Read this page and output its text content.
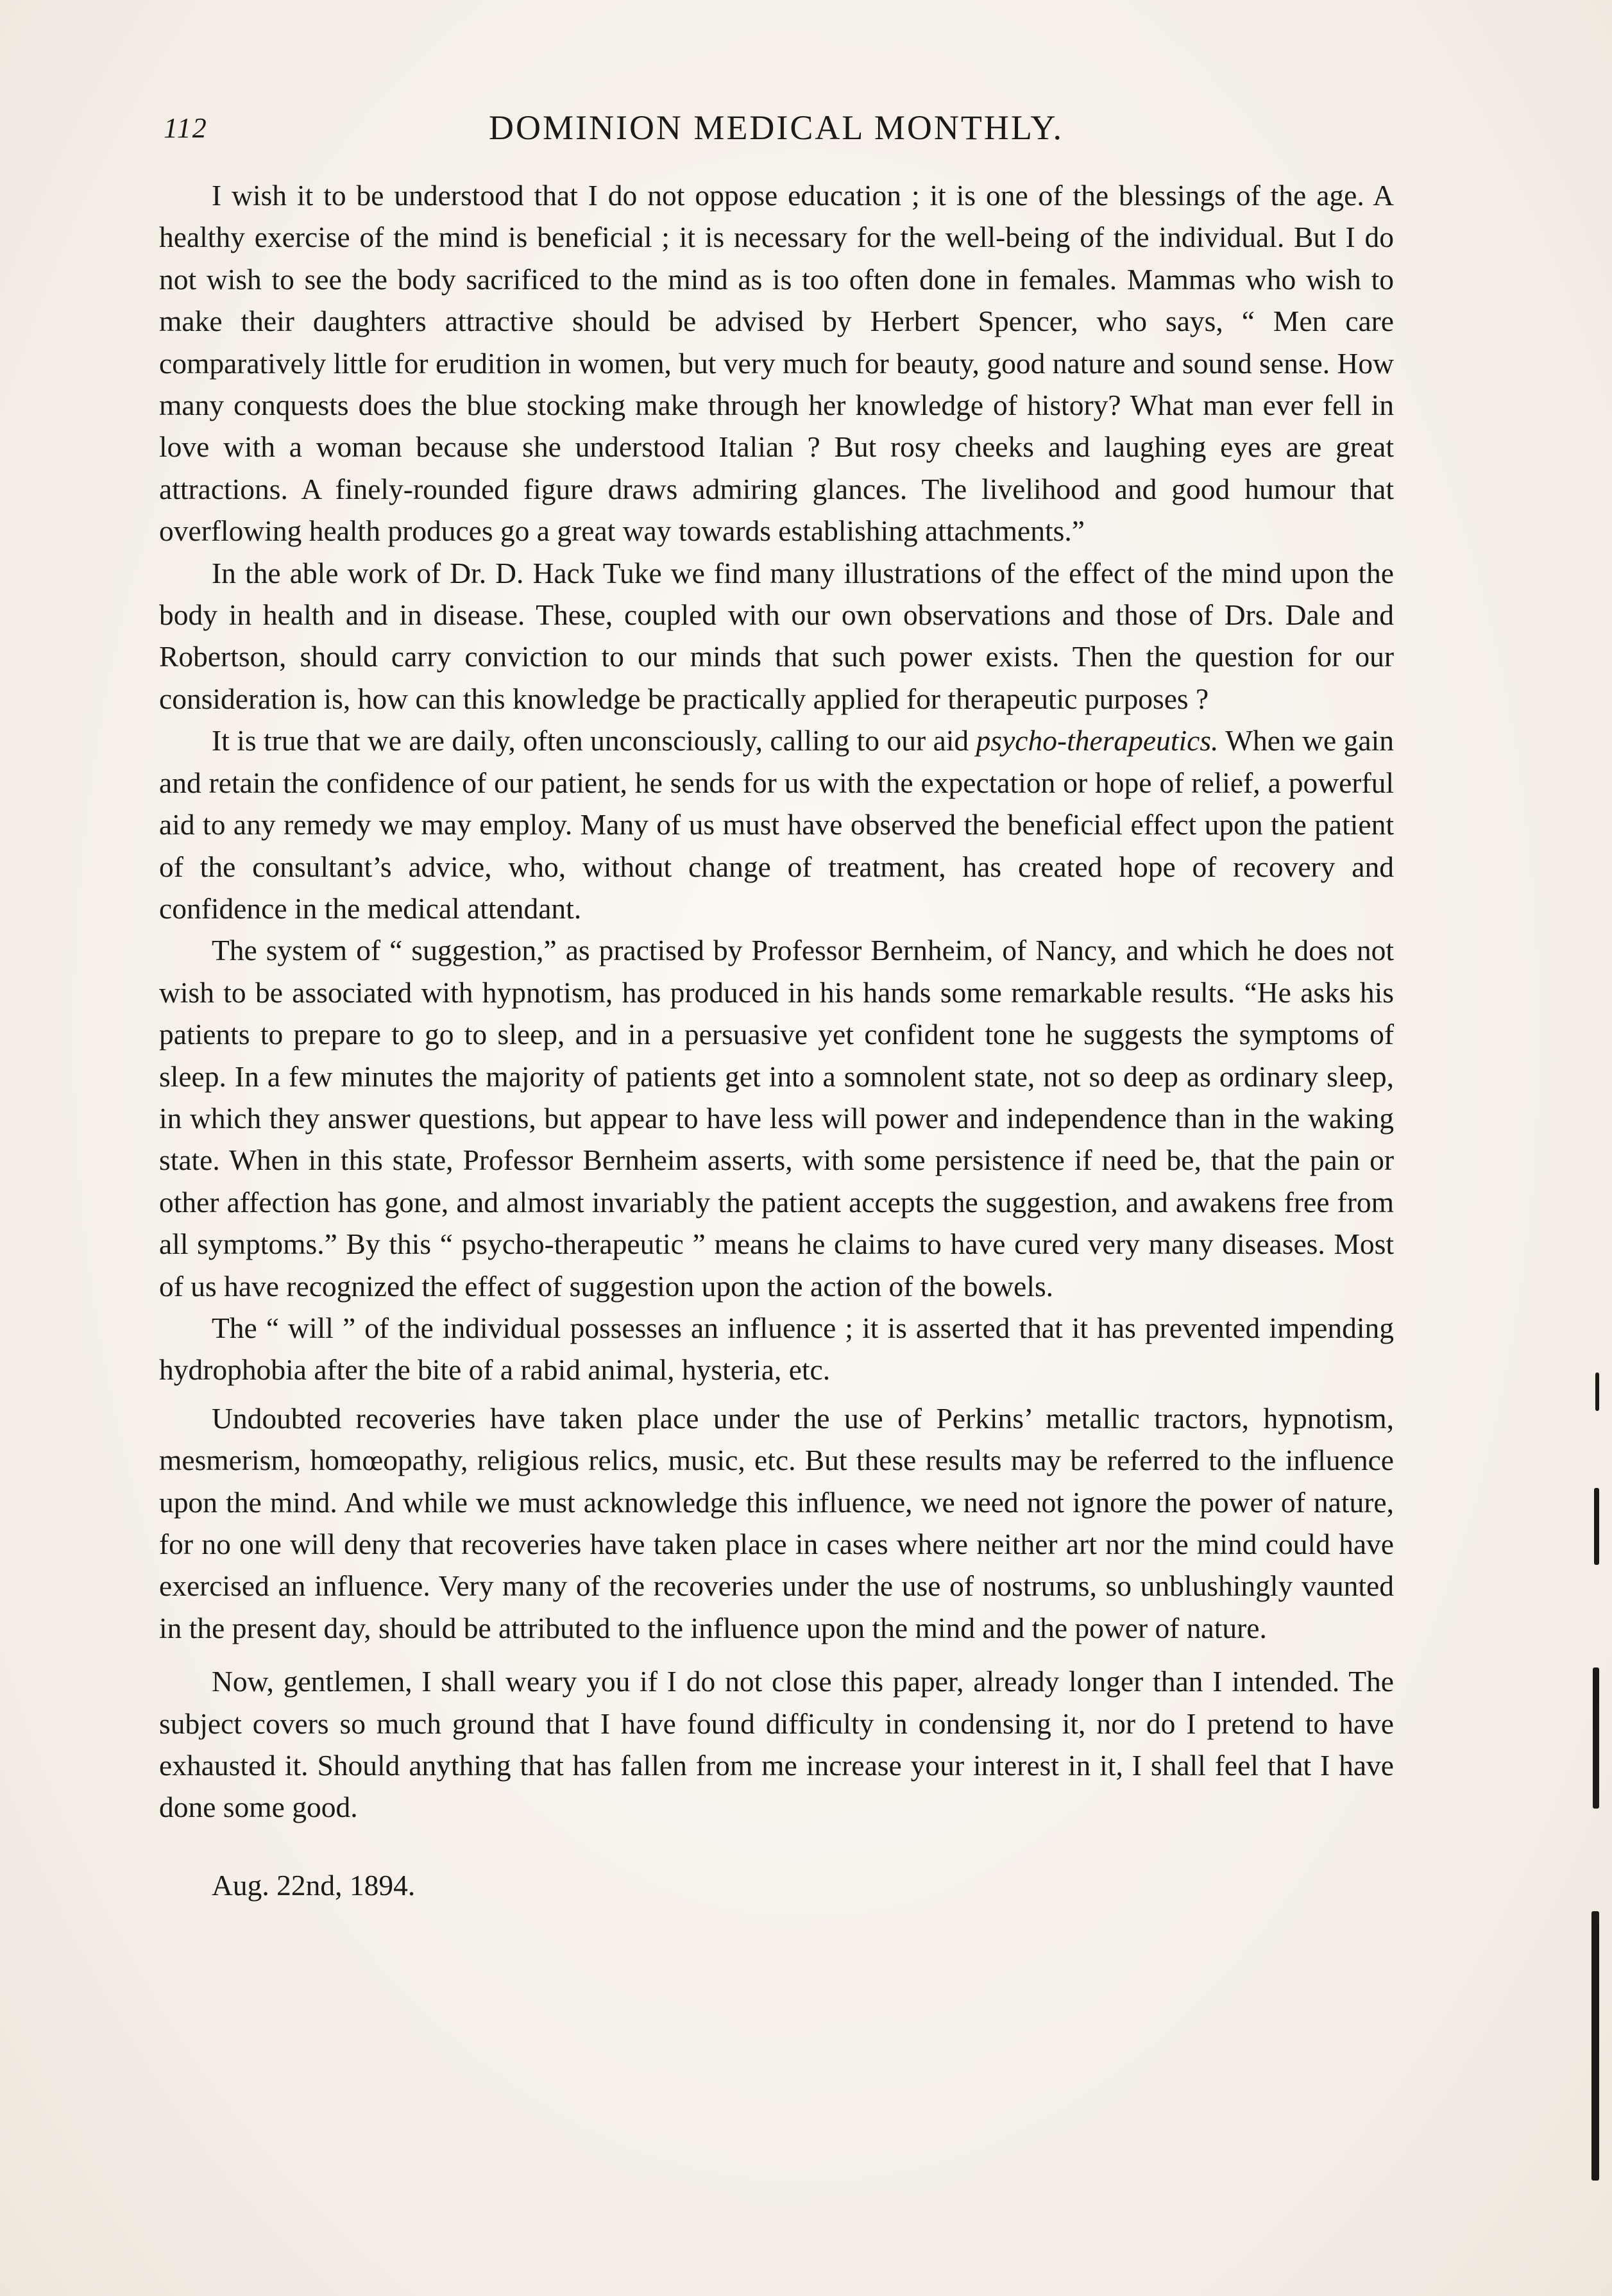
112	DOMINION MEDICAL MONTHLY.

I wish it to be understood that I do not oppose education ; it is one of the blessings of the age. A healthy exercise of the mind is beneficial ; it is necessary for the well-being of the individual. But I do not wish to see the body sacrificed to the mind as is too often done in females. Mammas who wish to make their daughters attractive should be advised by Herbert Spencer, who says, “ Men care comparatively little for erudition in women, but very much for beauty, good nature and sound sense. How many conquests does the blue stocking make through her knowledge of history? What man ever fell in love with a woman because she understood Italian ? But rosy cheeks and laughing eyes are great attractions. A finely-rounded figure draws admiring glances. The livelihood and good humour that overflowing health produces go a great way towards establishing attachments.”

In the able work of Dr. D. Hack Tuke we find many illustrations of the effect of the mind upon the body in health and in disease. These, coupled with our own observations and those of Drs. Dale and Robertson, should carry conviction to our minds that such power exists. Then the question for our consideration is, how can this knowledge be practically applied for therapeutic purposes ?

It is true that we are daily, often unconsciously, calling to our aid psycho-therapeutics. When we gain and retain the confidence of our patient, he sends for us with the expectation or hope of relief, a powerful aid to any remedy we may employ. Many of us must have observed the beneficial effect upon the patient of the consultant’s advice, who, without change of treatment, has created hope of recovery and confidence in the medical attendant.

The system of “ suggestion,” as practised by Professor Bernheim, of Nancy, and which he does not wish to be associated with hypnotism, has produced in his hands some remarkable results. “He asks his patients to prepare to go to sleep, and in a persuasive yet confident tone he suggests the symptoms of sleep. In a few minutes the majority of patients get into a somnolent state, not so deep as ordinary sleep, in which they answer questions, but appear to have less will power and independence than in the waking state. When in this state, Professor Bernheim asserts, with some persistence if need be, that the pain or other affection has gone, and almost invariably the patient accepts the suggestion, and awakens free from all symptoms.” By this “ psycho-therapeutic ” means he claims to have cured very many diseases. Most of us have recognized the effect of suggestion upon the action of the bowels.

The “ will ” of the individual possesses an influence ; it is asserted that it has prevented impending hydrophobia after the bite of a rabid animal, hysteria, etc.

Undoubted recoveries have taken place under the use of Perkins’ metallic tractors, hypnotism, mesmerism, homœopathy, religious relics, music, etc. But these results may be referred to the influence upon the mind. And while we must acknowledge this influence, we need not ignore the power of nature, for no one will deny that recoveries have taken place in cases where neither art nor the mind could have exercised an influence. Very many of the recoveries under the use of nostrums, so unblushingly vaunted in the present day, should be attributed to the influence upon the mind and the power of nature.

Now, gentlemen, I shall weary you if I do not close this paper, already longer than I intended. The subject covers so much ground that I have found difficulty in condensing it, nor do I pretend to have exhausted it. Should anything that has fallen from me increase your interest in it, I shall feel that I have done some good.

Aug. 22nd, 1894.
